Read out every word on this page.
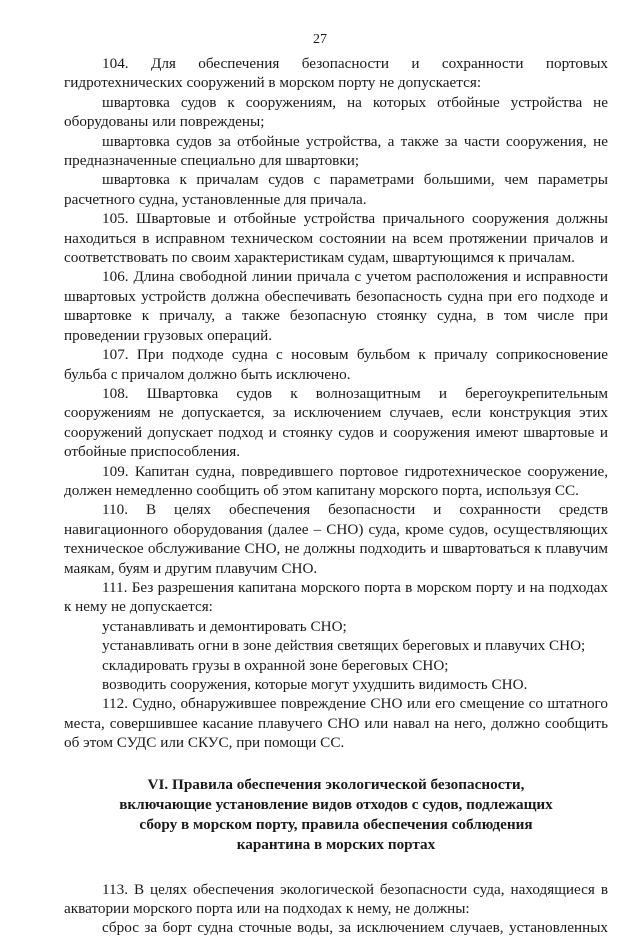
27

104. Для обеспечения безопасности и сохранности портовых гидротехнических сооружений в морском порту не допускается:

швартовка судов к сооружениям, на которых отбойные устройства не оборудованы или повреждены;

швартовка судов за отбойные устройства, а также за части сооружения, не предназначенные специально для швартовки;

швартовка к причалам судов с параметрами большими, чем параметры расчетного судна, установленные для причала.

105. Швартовые и отбойные устройства причального сооружения должны находиться в исправном техническом состоянии на всем протяжении причалов и соответствовать по своим характеристикам судам, швартующимся к причалам.

106. Длина свободной линии причала с учетом расположения и исправности швартовых устройств должна обеспечивать безопасность судна при его подходе и швартовке к причалу, а также безопасную стоянку судна, в том числе при проведении грузовых операций.

107. При подходе судна с носовым бульбом к причалу соприкосновение бульба с причалом должно быть исключено.

108. Швартовка судов к волнозащитным и берегоукрепительным сооружениям не допускается, за исключением случаев, если конструкция этих сооружений допускает подход и стоянку судов и сооружения имеют швартовые и отбойные приспособления.

109. Капитан судна, повредившего портовое гидротехническое сооружение, должен немедленно сообщить об этом капитану морского порта, используя СС.

110. В целях обеспечения безопасности и сохранности средств навигационного оборудования (далее – СНО) суда, кроме судов, осуществляющих техническое обслуживание СНО, не должны подходить и швартоваться к плавучим маякам, буям и другим плавучим СНО.

111. Без разрешения капитана морского порта в морском порту и на подходах к нему не допускается:

устанавливать и демонтировать СНО;

устанавливать огни в зоне действия светящих береговых и плавучих СНО;

складировать грузы в охранной зоне береговых СНО;

возводить сооружения, которые могут ухудшить видимость СНО.

112. Судно, обнаружившее повреждение СНО или его смещение со штатного места, совершившее касание плавучего СНО или навал на него, должно сообщить об этом СУДС или СКУС, при помощи СС.

VI. Правила обеспечения экологической безопасности,
включающие установление видов отходов с судов, подлежащих
сбору в морском порту, правила обеспечения соблюдения
карантина в морских портах

113. В целях обеспечения экологической безопасности суда, находящиеся в акватории морского порта или на подходах к нему, не должны:

сброс за борт судна сточные воды, за исключением случаев, установленных
